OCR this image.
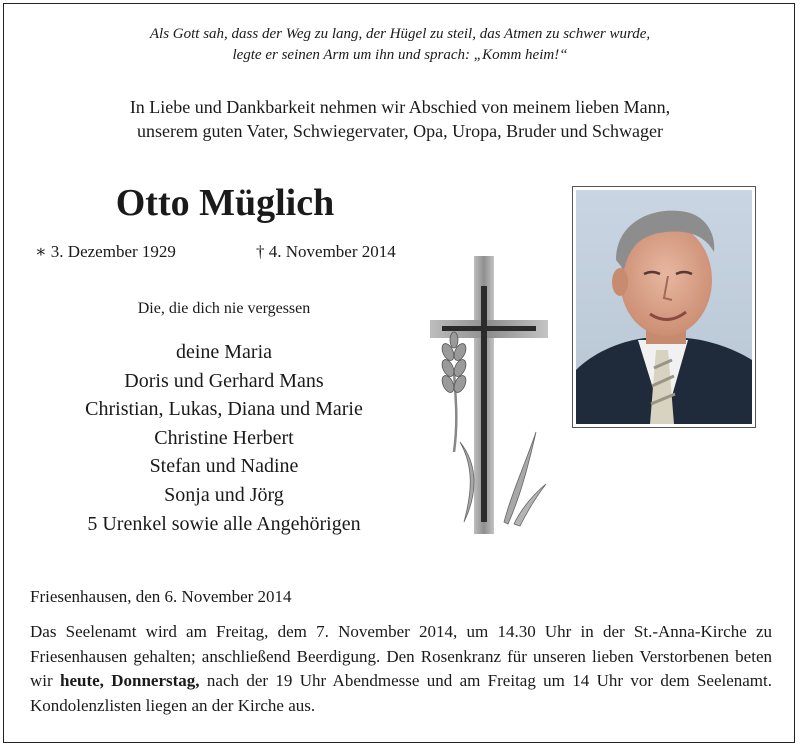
Als Gott sah, dass der Weg zu lang, der Hügel zu steil, das Atmen zu schwer wurde,
legte er seinen Arm um ihn und sprach: „Komm heim!“
In Liebe und Dankbarkeit nehmen wir Abschied von meinem lieben Mann,
unserem guten Vater, Schwiegervater, Opa, Uropa, Bruder und Schwager
Otto Müglich
∗ 3. Dezember 1929	† 4. November 2014
Die, die dich nie vergessen
deine Maria
Doris und Gerhard Mans
Christian, Lukas, Diana und Marie
Christine Herbert
Stefan und Nadine
Sonja und Jörg
5 Urenkel sowie alle Angehörigen
Friesenhausen, den 6. November 2014
Das Seelenamt wird am Freitag, dem 7. November 2014, um 14.30 Uhr in der St.-Anna-Kirche zu Friesenhausen gehalten; anschließend Beerdigung. Den Rosenkranz für unseren lieben Verstorbenen beten wir heute, Donnerstag, nach der 19 Uhr Abendmesse und am Freitag um 14 Uhr vor dem Seelenamt. Kondolenzlisten liegen an der Kirche aus.
